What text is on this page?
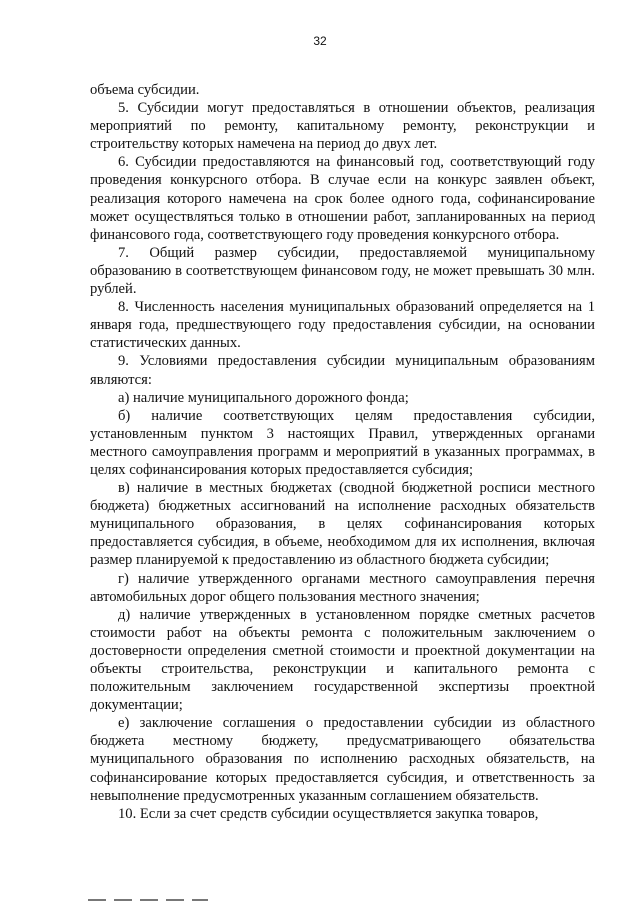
32

объема субсидии.

5. Субсидии могут предоставляться в отношении объектов, реализация мероприятий по ремонту, капитальному ремонту, реконструкции и строительству которых намечена на период до двух лет.

6. Субсидии предоставляются на финансовый год, соответствующий году проведения конкурсного отбора. В случае если на конкурс заявлен объект, реализация которого намечена на срок более одного года, софинансирование может осуществляться только в отношении работ, запланированных на период финансового года, соответствующего году проведения конкурсного отбора.

7. Общий размер субсидии, предоставляемой муниципальному образованию в соответствующем финансовом году, не может превышать 30 млн. рублей.

8. Численность населения муниципальных образований определяется на 1 января года, предшествующего году предоставления субсидии, на основании статистических данных.

9. Условиями предоставления субсидии муниципальным образованиям являются:

а) наличие муниципального дорожного фонда;

б) наличие соответствующих целям предоставления субсидии, установленным пунктом 3 настоящих Правил, утвержденных органами местного самоуправления программ и мероприятий в указанных программах, в целях софинансирования которых предоставляется субсидия;

в) наличие в местных бюджетах (сводной бюджетной росписи местного бюджета) бюджетных ассигнований на исполнение расходных обязательств муниципального образования, в целях софинансирования которых предоставляется субсидия, в объеме, необходимом для их исполнения, включая размер планируемой к предоставлению из областного бюджета субсидии;

г) наличие утвержденного органами местного самоуправления перечня автомобильных дорог общего пользования местного значения;

д) наличие утвержденных в установленном порядке сметных расчетов стоимости работ на объекты ремонта с положительным заключением о достоверности определения сметной стоимости и проектной документации на объекты строительства, реконструкции и капитального ремонта с положительным заключением государственной экспертизы проектной документации;

е) заключение соглашения о предоставлении субсидии из областного бюджета местному бюджету, предусматривающего обязательства муниципального образования по исполнению расходных обязательств, на софинансирование которых предоставляется субсидия, и ответственность за невыполнение предусмотренных указанным соглашением обязательств.

10. Если за счет средств субсидии осуществляется закупка товаров,
